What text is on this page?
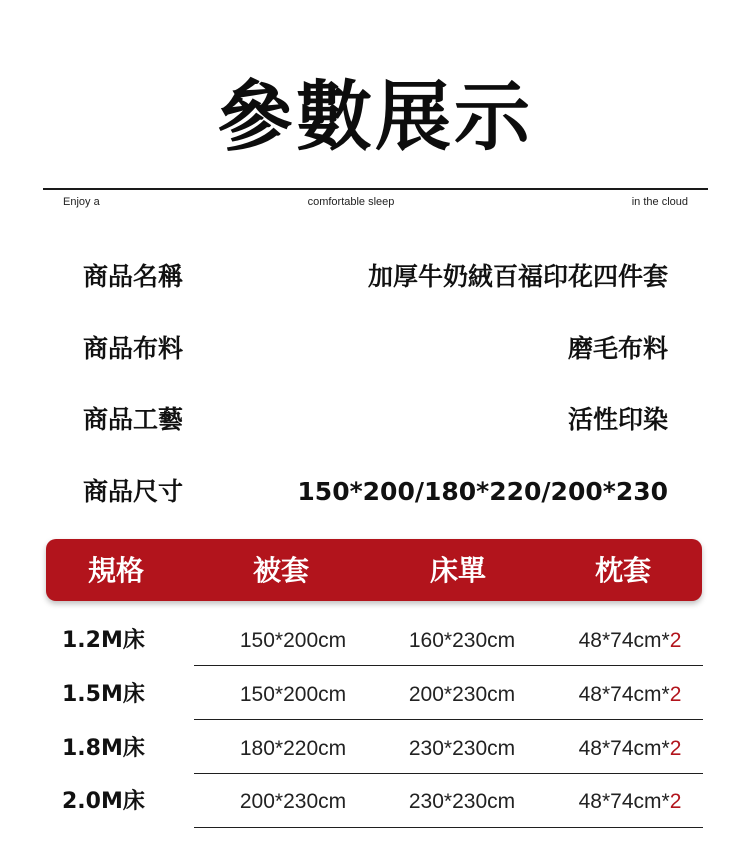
參數展示
Enjoy a	comfortable sleep	in the cloud
商品名稱	加厚牛奶絨百福印花四件套
商品布料	磨毛布料
商品工藝	活性印染
商品尺寸	150*200/180*220/200*230
規格	被套	床單	枕套
1.2M床	150*200cm	160*230cm	48*74cm*2
1.5M床	150*200cm	200*230cm	48*74cm*2
1.8M床	180*220cm	230*230cm	48*74cm*2
2.0M床	200*230cm	230*230cm	48*74cm*2
